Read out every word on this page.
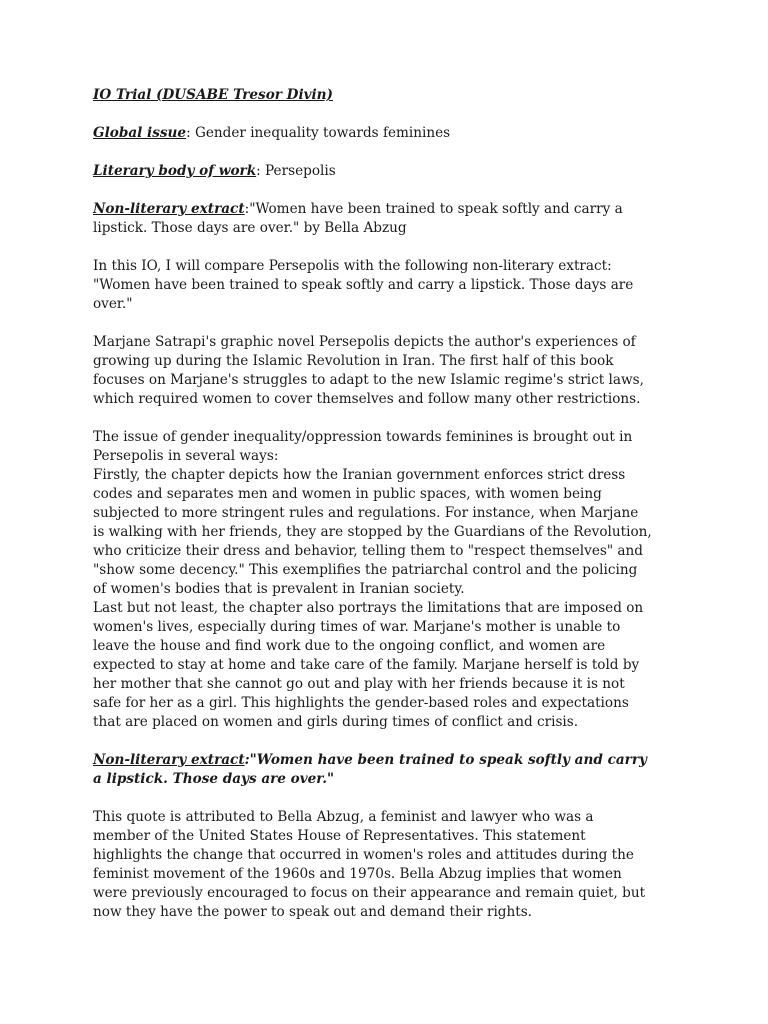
IO Trial (DUSABE Tresor Divin)

Global issue: Gender inequality towards feminines

Literary body of work: Persepolis

Non-literary extract:"Women have been trained to speak softly and carry a lipstick. Those days are over." by Bella Abzug

In this IO, I will compare Persepolis with the following non-literary extract: "Women have been trained to speak softly and carry a lipstick. Those days are over."

Marjane Satrapi's graphic novel Persepolis depicts the author's experiences of growing up during the Islamic Revolution in Iran. The first half of this book focuses on Marjane's struggles to adapt to the new Islamic regime's strict laws, which required women to cover themselves and follow many other restrictions.

The issue of gender inequality/oppression towards feminines is brought out in Persepolis in several ways:

Firstly, the chapter depicts how the Iranian government enforces strict dress codes and separates men and women in public spaces, with women being subjected to more stringent rules and regulations. For instance, when Marjane is walking with her friends, they are stopped by the Guardians of the Revolution, who criticize their dress and behavior, telling them to "respect themselves" and "show some decency." This exemplifies the patriarchal control and the policing of women's bodies that is prevalent in Iranian society.

Last but not least, the chapter also portrays the limitations that are imposed on women's lives, especially during times of war. Marjane's mother is unable to leave the house and find work due to the ongoing conflict, and women are expected to stay at home and take care of the family. Marjane herself is told by her mother that she cannot go out and play with her friends because it is not safe for her as a girl. This highlights the gender-based roles and expectations that are placed on women and girls during times of conflict and crisis.

Non-literary extract:"Women have been trained to speak softly and carry a lipstick. Those days are over."

This quote is attributed to Bella Abzug, a feminist and lawyer who was a member of the United States House of Representatives. This statement highlights the change that occurred in women's roles and attitudes during the feminist movement of the 1960s and 1970s. Bella Abzug implies that women were previously encouraged to focus on their appearance and remain quiet, but now they have the power to speak out and demand their rights.
